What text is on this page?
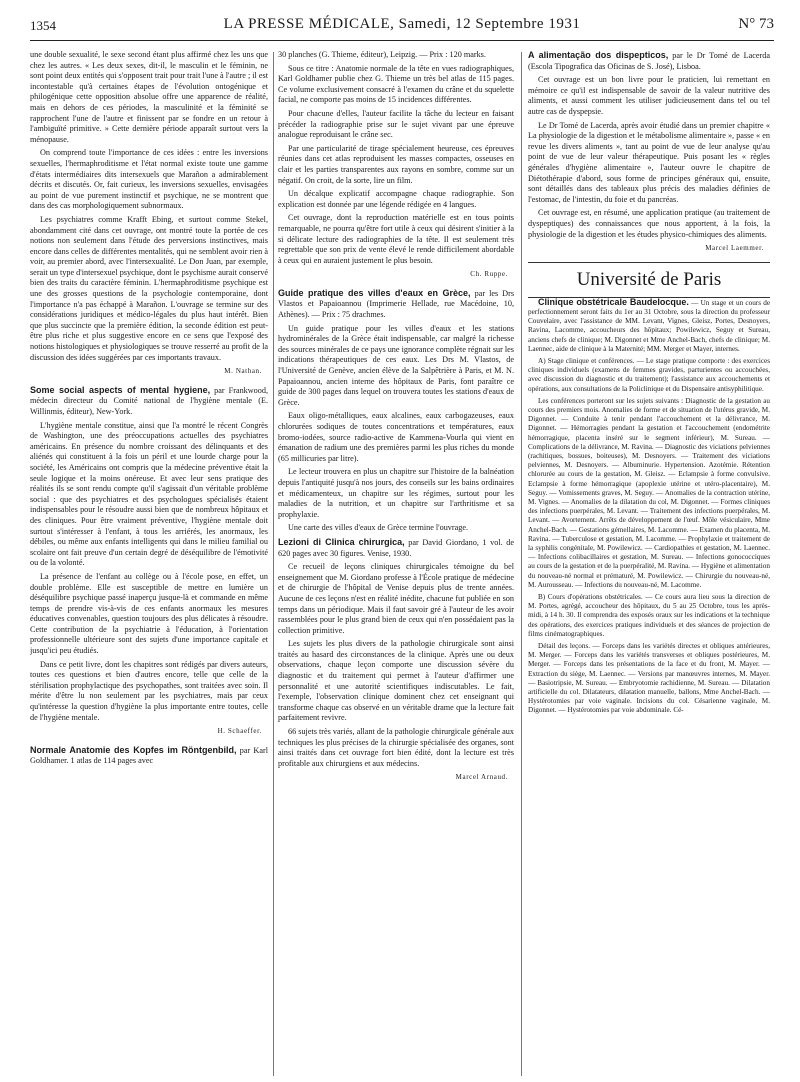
1354	LA PRESSE MÉDICALE, Samedi, 12 Septembre 1931	N° 73

une double sexualité, le sexe second étant plus affirmé chez les uns que chez les autres. « Les deux sexes, dit-il, le masculin et le féminin, ne sont point deux entités qui s'opposent trait pour trait l'une à l'autre ; il est incontestable qu'à certaines étapes de l'évolution ontogénique et philogénique cette opposition absolue offre une apparence de réalité, mais en dehors de ces périodes, la masculinité et la féminité se rapprochent l'une de l'autre et finissent par se fondre en un retour à l'ambiguïté primitive. » Cette dernière période apparaît surtout vers la ménopause.

On comprend toute l'importance de ces idées : entre les inversions sexuelles, l'hermaphroditisme et l'état normal existe toute une gamme d'états intermédiaires dits intersexuels que Marañon a admirablement décrits et discutés. Or, fait curieux, les inversions sexuelles, envisagées au point de vue purement instinctif et psychique, ne se montrent que dans des cas morphologiquement subnormaux.

Les psychiatres comme Krafft Ebing, et surtout comme Stekel, abondamment cité dans cet ouvrage, ont montré toute la portée de ces notions non seulement dans l'étude des perversions instinctives, mais encore dans celles de différentes mentalités, qui ne semblent avoir rien à voir, au premier abord, avec l'intersexualité. Le Don Juan, par exemple, serait un type d'intersexuel psychique, dont le psychisme aurait conservé bien des traits du caractère féminin. L'hermaphroditisme psychique est une des grosses questions de la psychologie contemporaine, dont l'importance n'a pas échappé à Marañon. L'ouvrage se termine sur des considérations juridiques et médico-légales du plus haut intérêt. Bien que plus succincte que la première édition, la seconde édition est peut-être plus riche et plus suggestive encore en ce sens que l'exposé des notions histologiques et physiologiques se trouve resserré au profit de la discussion des idées suggérées par ces importants travaux.

M. Nathan.

Some social aspects of mental hygiene, par Frankwood, médecin directeur du Comité national de l'hygiène mentale (E. Willinmis, éditeur), New-York.

L'hygiène mentale constitue, ainsi que l'a montré le récent Congrès de Washington, une des préoccupations actuelles des psychiatres américains. En présence du nombre croissant des délinquants et des aliénés qui constituent à la fois un péril et une lourde charge pour la société, les Américains ont compris que la médecine préventive était la seule logique et la moins onéreuse. Et avec leur sens pratique des réalités ils se sont rendu compte qu'il s'agissait d'un véritable problème social : que des psychiatres et des psychologues spécialisés étaient indispensables pour le résoudre aussi bien que de nombreux hôpitaux et des cliniques. Pour être vraiment préventive, l'hygiène mentale doit surtout s'intéresser à l'enfant, à tous les arriérés, les anormaux, les débiles, ou même aux enfants intelligents qui dans le milieu familial ou scolaire ont fait preuve d'un certain degré de déséquilibre de l'émotivité ou de la volonté.

La présence de l'enfant au collège ou à l'école pose, en effet, un double problème. Elle est susceptible de mettre en lumière un déséquilibre psychique passé inaperçu jusque-là et commande en même temps de prendre vis-à-vis de ces enfants anormaux les mesures éducatives convenables, question toujours des plus délicates à résoudre. Cette contribution de la psychiatrie à l'éducation, à l'orientation professionnelle ultérieure sont des sujets d'une importance capitale et jusqu'ici peu étudiés.

Dans ce petit livre, dont les chapitres sont rédigés par divers auteurs, toutes ces questions et bien d'autres encore, telle que celle de la stérilisation prophylactique des psychopathes, sont traitées avec soin. Il mérite d'être lu non seulement par les psychiatres, mais par ceux qu'intéresse la question d'hygiène la plus importante entre toutes, celle de l'hygiène mentale.

H. Schaeffer.

Normale Anatomie des Kopfes im Röntgenbild, par Karl Goldhamer. 1 atlas de 114 pages avec

30 planches (G. Thieme, éditeur), Leipzig. — Prix : 120 marks.

Sous ce titre : Anatomie normale de la tête en vues radiographiques, Karl Goldhamer publie chez G. Thieme un très bel atlas de 115 pages. Ce volume exclusivement consacré à l'examen du crâne et du squelette facial, ne comporte pas moins de 15 incidences différentes.

Pour chacune d'elles, l'auteur facilite la tâche du lecteur en faisant précéder la radiographie prise sur le sujet vivant par une épreuve analogue reproduisant le crâne sec.

Par une particularité de tirage spécialement heureuse, ces épreuves réunies dans cet atlas reproduisent les masses compactes, osseuses en clair et les parties transparentes aux rayons en sombre, comme sur un négatif. On croit, de la sorte, lire un film.

Un décalque explicatif accompagne chaque radiographie. Son explication est donnée par une légende rédigée en 4 langues.

Cet ouvrage, dont la reproduction matérielle est en tous points remarquable, ne pourra qu'être fort utile à ceux qui désirent s'initier à la si délicate lecture des radiographies de la tête. Il est seulement très regrettable que son prix de vente élevé le rende difficilement abordable à ceux qui en auraient justement le plus besoin.

Ch. Ruppe.

Guide pratique des villes d'eaux en Grèce, par les Drs Vlastos et Papaioannou (Imprimerie Hellade, rue Macédoine, 10, Athènes). — Prix : 75 drachmes.

Un guide pratique pour les villes d'eaux et les stations hydrominérales de la Grèce était indispensable, car malgré la richesse des sources minérales de ce pays une ignorance complète régnait sur les indications thérapeutiques de ces eaux. Les Drs M. Vlastos, de l'Université de Genève, ancien élève de la Salpêtrière à Paris, et M. N. Papaioannou, ancien interne des hôpitaux de Paris, font paraître ce guide de 300 pages dans lequel on trouvera toutes les stations d'eaux de Grèce.

Eaux oligo-métalliques, eaux alcalines, eaux carbogazeuses, eaux chlorurées sodiques de toutes concentrations et températures, eaux bromo-iodées, source radio-active de Kammena-Vourla qui vient en émanation de radium une des premières parmi les plus riches du monde (65 millicuries par litre).

Le lecteur trouvera en plus un chapitre sur l'histoire de la balnéation depuis l'antiquité jusqu'à nos jours, des conseils sur les bains ordinaires et médicamenteux, un chapitre sur les régimes, surtout pour les maladies de la nutrition, et un chapitre sur l'arthritisme et sa prophylaxie.

Une carte des villes d'eaux de Grèce termine l'ouvrage.

Lezioni di Clinica chirurgica, par David Giordano, 1 vol. de 620 pages avec 30 figures. Venise, 1930.

Ce recueil de leçons cliniques chirurgicales témoigne du bel enseignement que M. Giordano professe à l'École pratique de médecine et de chirurgie de l'hôpital de Venise depuis plus de trente années. Aucune de ces leçons n'est en réalité inédite, chacune fut publiée en son temps dans un périodique. Mais il faut savoir gré à l'auteur de les avoir rassemblées pour le plus grand bien de ceux qui n'en possédaient pas la collection primitive.

Les sujets les plus divers de la pathologie chirurgicale sont ainsi traités au hasard des circonstances de la clinique. Après une ou deux observations, chaque leçon comporte une discussion sévère du diagnostic et du traitement qui permet à l'auteur d'affirmer une personnalité et une autorité scientifiques indiscutables. Le fait, l'exemple, l'observation clinique dominent chez cet enseignant qui transforme chaque cas observé en un véritable drame que la lecture fait parfaitement revivre.

66 sujets très variés, allant de la pathologie chirurgicale générale aux techniques les plus précises de la chirurgie spécialisée des organes, sont ainsi traités dans cet ouvrage fort bien édité, dont la lecture est très profitable aux chirurgiens et aux médecins.

Marcel Arnaud.

A alimentação dos dispepticos, par le Dr Tomé de Lacerda (Escola Tipografica das Oficinas de S. José), Lisboa.

Cet ouvrage est un bon livre pour le praticien, lui remettant en mémoire ce qu'il est indispensable de savoir de la valeur nutritive des aliments, et aussi comment les utiliser judicieusement dans tel ou tel autre cas de dyspepsie.

Le Dr Tomé de Lacerda, après avoir étudié dans un premier chapitre « La physiologie de la digestion et le métabolisme alimentaire », passe « en revue les divers aliments », tant au point de vue de leur analyse qu'au point de vue de leur valeur thérapeutique. Puis posant les « règles générales d'hygiène alimentaire », l'auteur ouvre le chapitre de Diétothérapie d'abord, sous forme de principes généraux qui, ensuite, sont détaillés dans des tableaux plus précis des maladies définies de l'estomac, de l'intestin, du foie et du pancréas.

Cet ouvrage est, en résumé, une application pratique (au traitement de dyspeptiques) des connaissances que nous apportent, à la fois, la physiologie de la digestion et les études physico-chimiques des aliments.

Marcel Laemmer.
Université de Paris

Clinique obstétricale Baudelocque. — Un stage et un cours de perfectionnement seront faits du 1er au 31 Octobre, sous la direction du professeur Couvelaire, avec l'assistance de MM. Levant, Vignes, Gleisz, Portes, Desnoyers, Ravina, Lacomme, accoucheurs des hôpitaux; Powilewicz, Seguy et Sureau, anciens chefs de clinique; M. Digonnet et Mme Anchel-Bach, chefs de clinique; M. Laennec, aide de clinique à la Maternité; MM. Merger et Mayer, internes.

A) Stage clinique et conférences. — Le stage pratique comporte : des exercices cliniques individuels (examens de femmes gravides, parturientes ou accouchées, avec discussion du diagnostic et du traitement); l'assistance aux accouchements et opérations, aux consultations de la Policlinique et du Dispensaire antisyphilitique.

Les conférences porteront sur les sujets suivants : Diagnostic de la gestation au cours des premiers mois. Anomalies de forme et de situation de l'utérus gravide, M. Digonnet. — Conduite à tenir pendant l'accouchement et la délivrance, M. Digonnet. — Hémorragies pendant la gestation et l'accouchement (endométrite hémorragique, placenta inséré sur le segment inférieur), M. Sureau. — Complications de la délivrance, M. Ravina. — Diagnostic des viciations pelviennes (rachitiques, bossues, boiteuses), M. Desnoyers. — Traitement des viciations pelviennes, M. Desnoyers. — Albuminurie. Hypertension. Azotémie. Rétention chlorurée au cours de la gestation, M. Gleisz. — Eclampsie à forme convulsive. Eclampsie à forme hémorragique (apoplexie utérine et utéro-placentaire), M. Seguy. — Vomissements graves, M. Seguy. — Anomalies de la contraction utérine, M. Vignes. — Anomalies de la dilatation du col, M. Digonnet. — Formes cliniques des infections puerpérales, M. Levant. — Traitement des infections puerpérales, M. Levant. — Avortement. Arrêts de développement de l'œuf. Môle vésiculaire, Mme Anchel-Bach. — Gestations gémellaires, M. Lacomme. — Examen du placenta, M. Ravina. — Tuberculose et gestation, M. Lacomme. — Prophylaxie et traitement de la syphilis congénitale, M. Powilewicz. — Cardiopathies et gestation, M. Laennec. — Infections colibacillaires et gestation, M. Sureau. — Infections gonococciques au cours de la gestation et de la puerpéralité, M. Ravina. — Hygiène et alimentation du nouveau-né normal et prématuré, M. Powilewicz. — Chirurgie du nouveau-né, M. Aurousseau. — Infections du nouveau-né, M. Lacomme.

B) Cours d'opérations obstétricales. — Ce cours aura lieu sous la direction de M. Portes, agrégé, accoucheur des hôpitaux, du 5 au 25 Octobre, tous les après-midi, à 14 h. 30. Il comprendra des exposés oraux sur les indications et la technique des opérations, des exercices pratiques individuels et des séances de projection de films cinématographiques.

Détail des leçons. — Forceps dans les variétés directes et obliques antérieures, M. Merger. — Forceps dans les variétés transverses et obliques postérieures, M. Merger. — Forceps dans les présentations de la face et du front, M. Mayer. — Extraction du siège, M. Laennec. — Versions par manœuvres internes, M. Mayer. — Basiotripsie, M. Sureau. — Embryotomie rachidienne, M. Sureau. — Dilatation artificielle du col. Dilatateurs, dilatation manuelle, ballons, Mme Anchel-Bach. — Hystérotomies par voie vaginale. Incisions du col. Césarienne vaginale, M. Digonnet. — Hystérotomies par voie abdominale. Cé-
